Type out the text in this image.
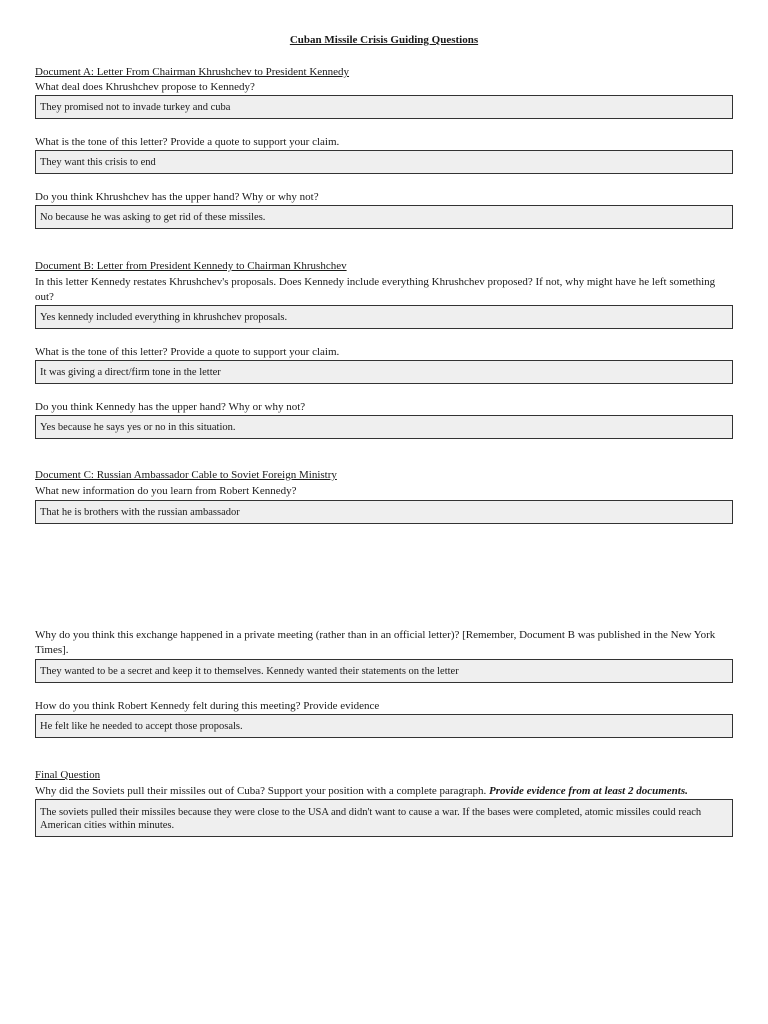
Cuban Missile Crisis Guiding Questions
Document A: Letter From Chairman Khrushchev to President Kennedy
What deal does Khrushchev propose to Kennedy?
They promised not to invade turkey and cuba
What is the tone of this letter? Provide a quote to support your claim.
They want this crisis to end
Do you think Khrushchev has the upper hand? Why or why not?
No because he was asking to get rid of these missiles.
Document B: Letter from President Kennedy to Chairman Khrushchev
In this letter Kennedy restates Khrushchev's proposals. Does Kennedy include everything Khrushchev proposed? If not, why might have he left something out?
Yes kennedy included everything in khrushchev proposals.
What is the tone of this letter? Provide a quote to support your claim.
It was giving a direct/firm tone in the letter
Do you think Kennedy has the upper hand? Why or why not?
Yes because he says yes or no in this situation.
Document C: Russian Ambassador Cable to Soviet Foreign Ministry
What new information do you learn from Robert Kennedy?
That he is brothers with the russian ambassador
Why do you think this exchange happened in a private meeting (rather than in an official letter)? [Remember, Document B was published in the New York Times].
They wanted to be a secret and keep it to themselves. Kennedy wanted their statements on the letter
How do you think Robert Kennedy felt during this meeting? Provide evidence
He felt like he needed to accept those proposals.
Final Question
Why did the Soviets pull their missiles out of Cuba? Support your position with a complete paragraph. Provide evidence from at least 2 documents.
The soviets pulled their missiles because they were close to the USA and didn't want to cause a war. If the bases were completed, atomic missiles could reach American cities within minutes.
